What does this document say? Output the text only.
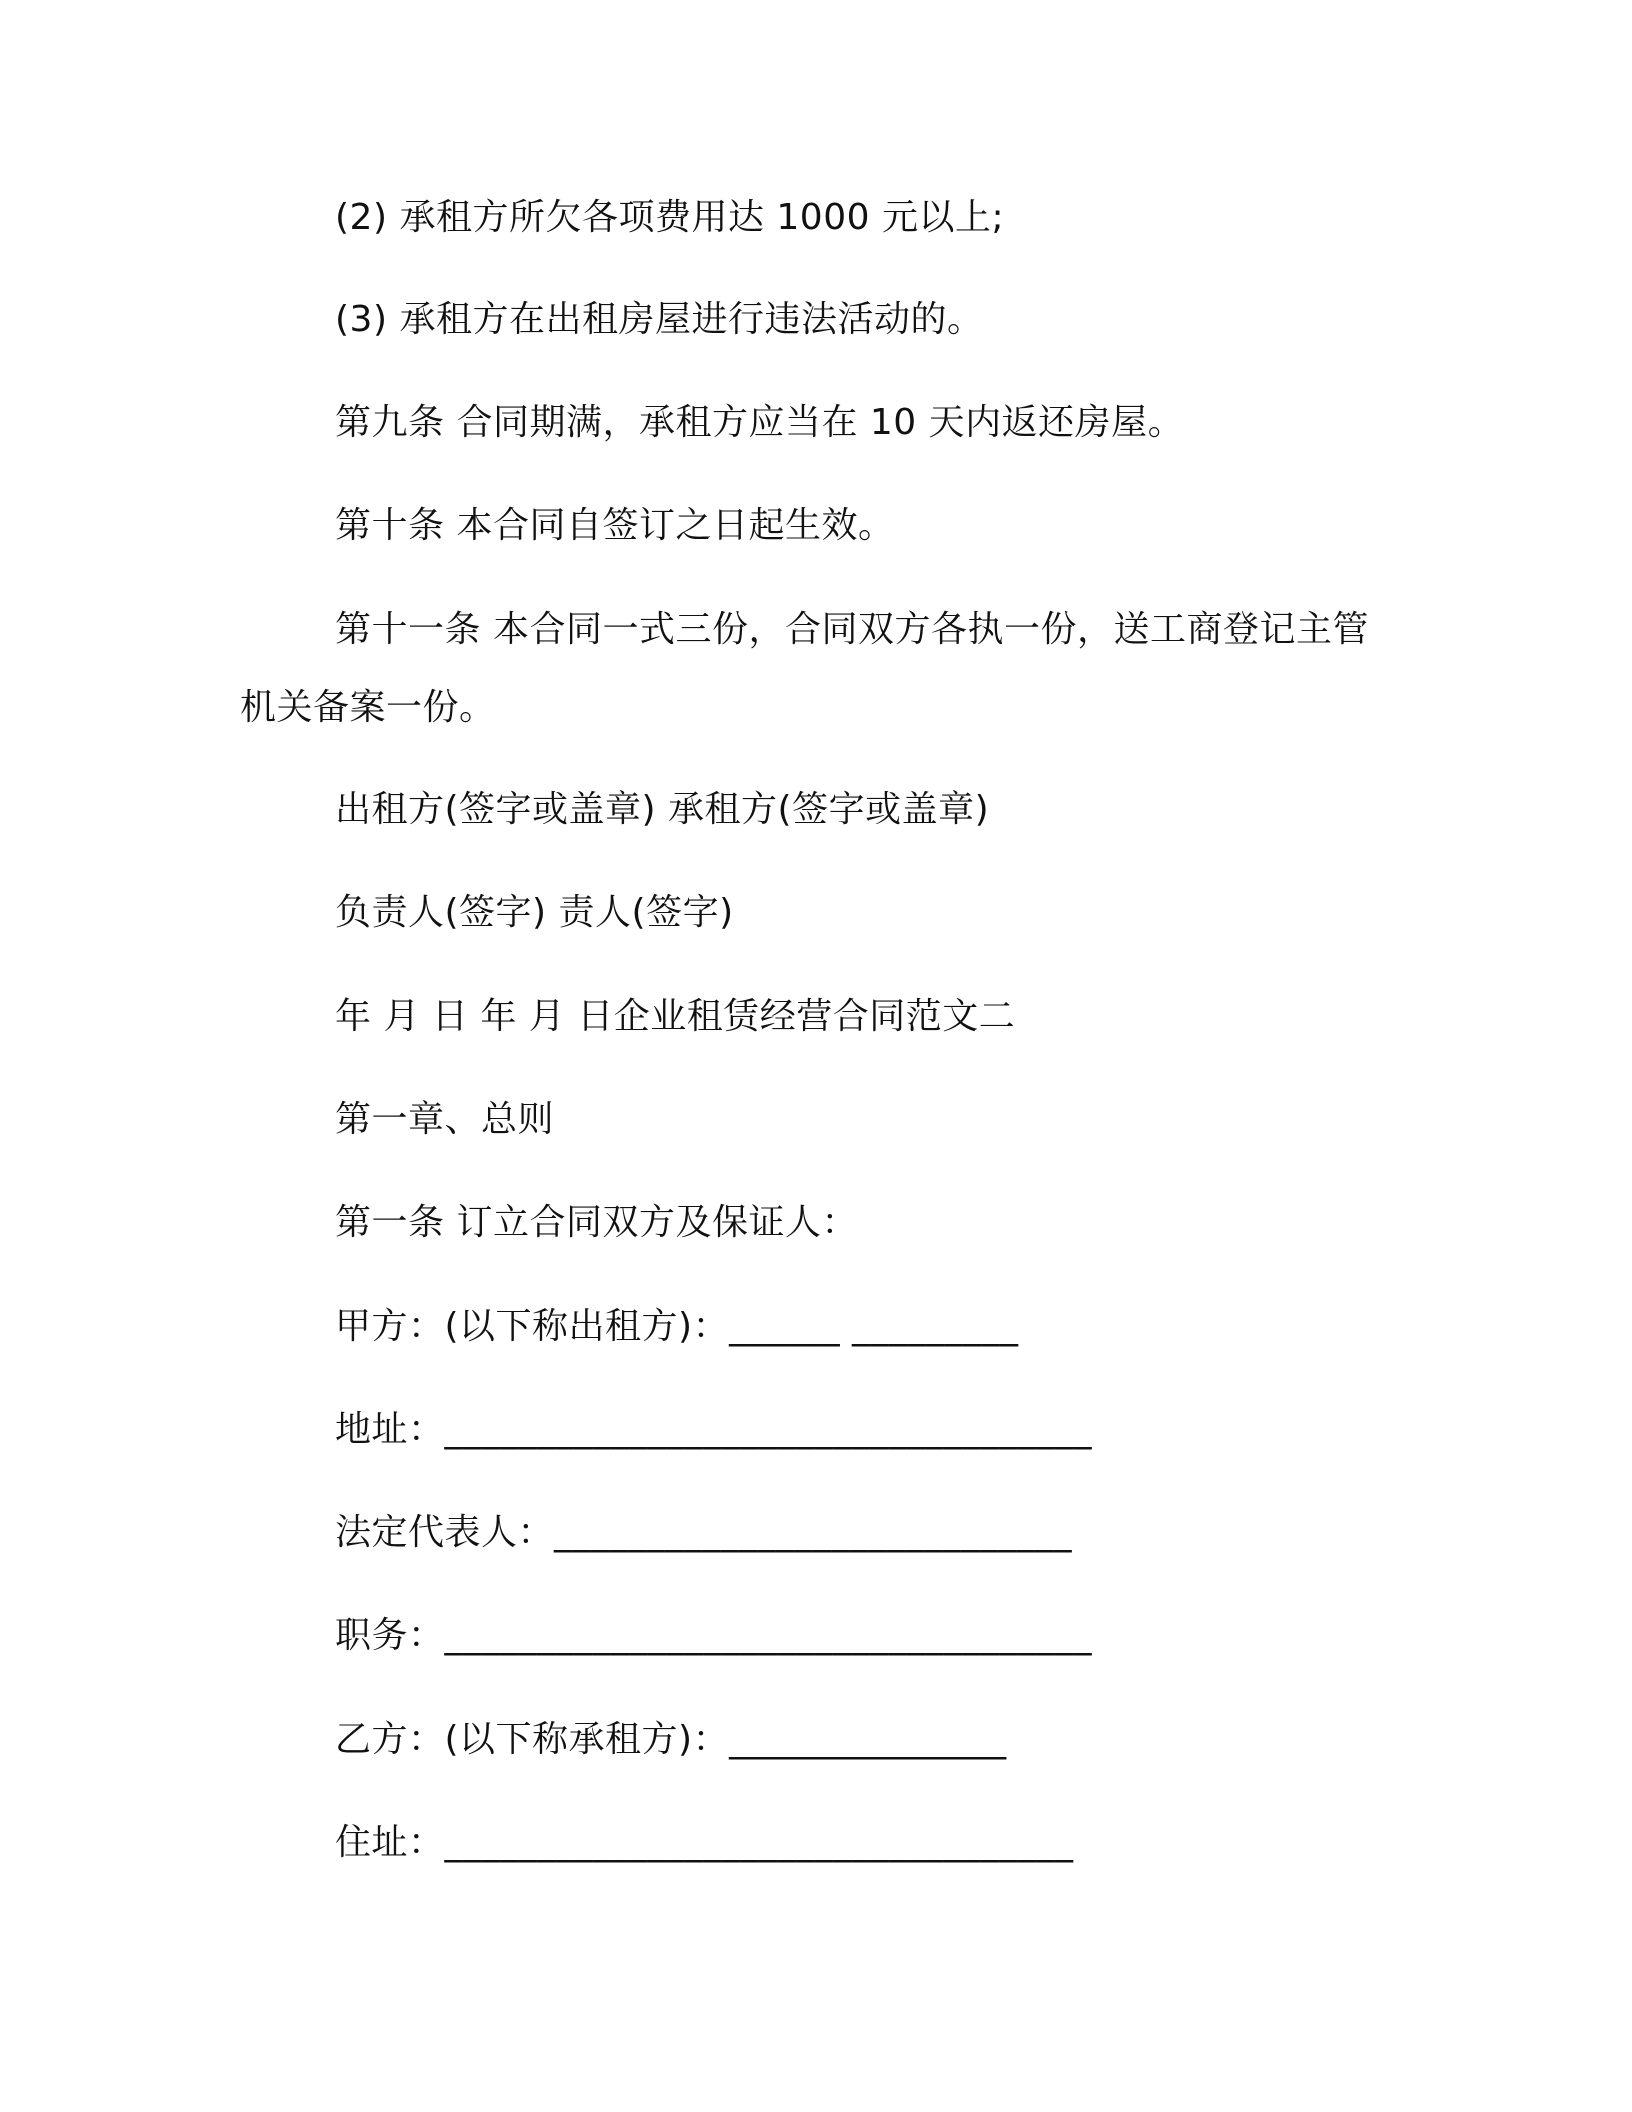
(2) 承租方所欠各项费用达 1000 元以上;
(3) 承租方在出租房屋进行违法活动的。
第九条 合同期满，承租方应当在 10 天内返还房屋。
第十条 本合同自签订之日起生效。
第十一条 本合同一式三份，合同双方各执一份，送工商登记主管
机关备案一份。
出租方(签字或盖章) 承租方(签字或盖章)
负责人(签字) 责人(签字)
年 月 日 年 月 日企业租赁经营合同范文二
第一章、总则
第一条 订立合同双方及保证人：
甲方：(以下称出租方)：______ _________
地址：___________________________________
法定代表人：____________________________
职务：___________________________________
乙方：(以下称承租方)：_______________
住址：__________________________________
